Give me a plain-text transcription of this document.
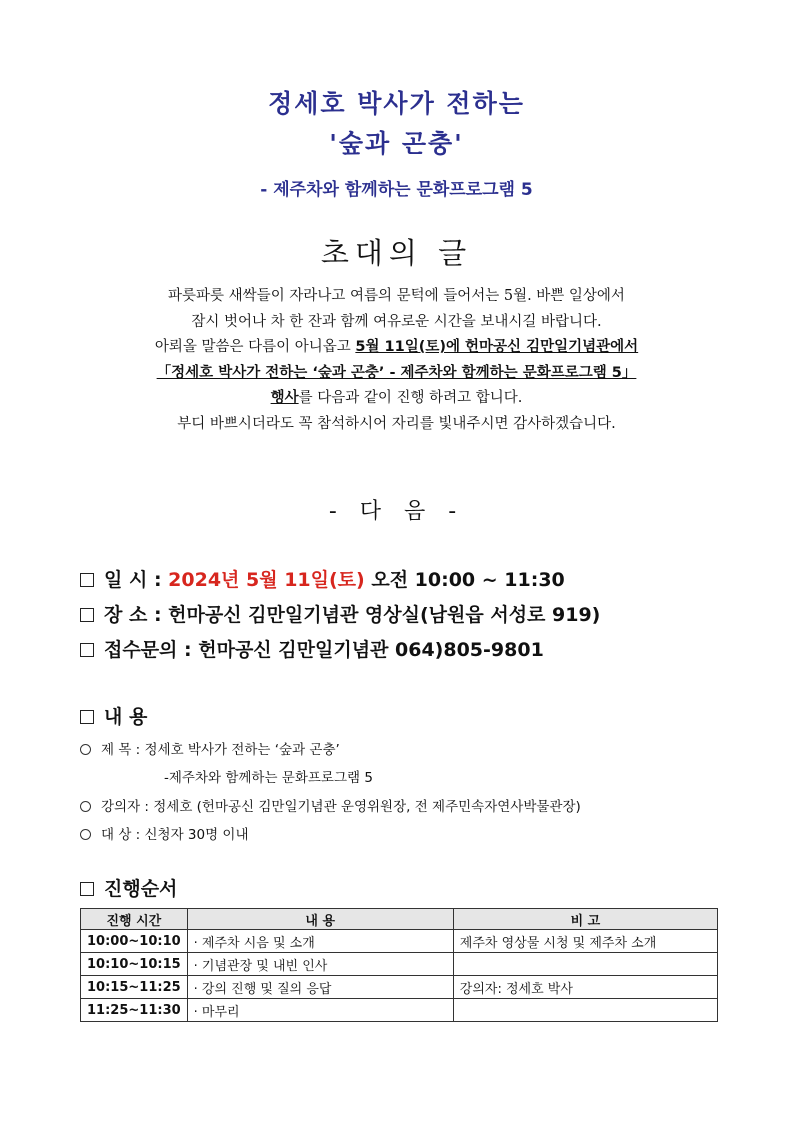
정세호 박사가 전하는
'숲과 곤충'
- 제주차와 함께하는 문화프로그램 5
초대의 글
파릇파릇 새싹들이 자라나고 여름의 문턱에 들어서는 5월. 바쁜 일상에서
잠시 벗어나 차 한 잔과 함께 여유로운 시간을 보내시길 바랍니다.
아뢰올 말씀은 다름이 아니옵고 5월 11일(토)에 헌마공신 김만일기념관에서
「정세호 박사가 전하는 ‘숲과 곤충’ - 제주차와 함께하는 문화프로그램 5」
행사를 다음과 같이 진행 하려고 합니다.
부디 바쁘시더라도 꼭 참석하시어 자리를 빛내주시면 감사하겠습니다.
- 다 음 -
일 시 : 2024년 5월 11일(토) 오전 10:00 ~ 11:30
장 소 : 헌마공신 김만일기념관 영상실(남원읍 서성로 919)
접수문의 : 헌마공신 김만일기념관 064)805-9801
내 용
제 목 : 정세호 박사가 전하는 ‘숲과 곤충’
-제주차와 함께하는 문화프로그램 5
강의자 : 정세호 (헌마공신 김만일기념관 운영위원장, 전 제주민속자연사박물관장)
대 상 : 신청자 30명 이내
진행순서
진행 시간	내 용	비 고
10:00~10:10	· 제주차 시음 및 소개	제주차 영상물 시청 및 제주차 소개
10:10~10:15	· 기념관장 및 내빈 인사	
10:15~11:25	· 강의 진행 및 질의 응답	강의자: 정세호 박사
11:25~11:30	· 마무리	
